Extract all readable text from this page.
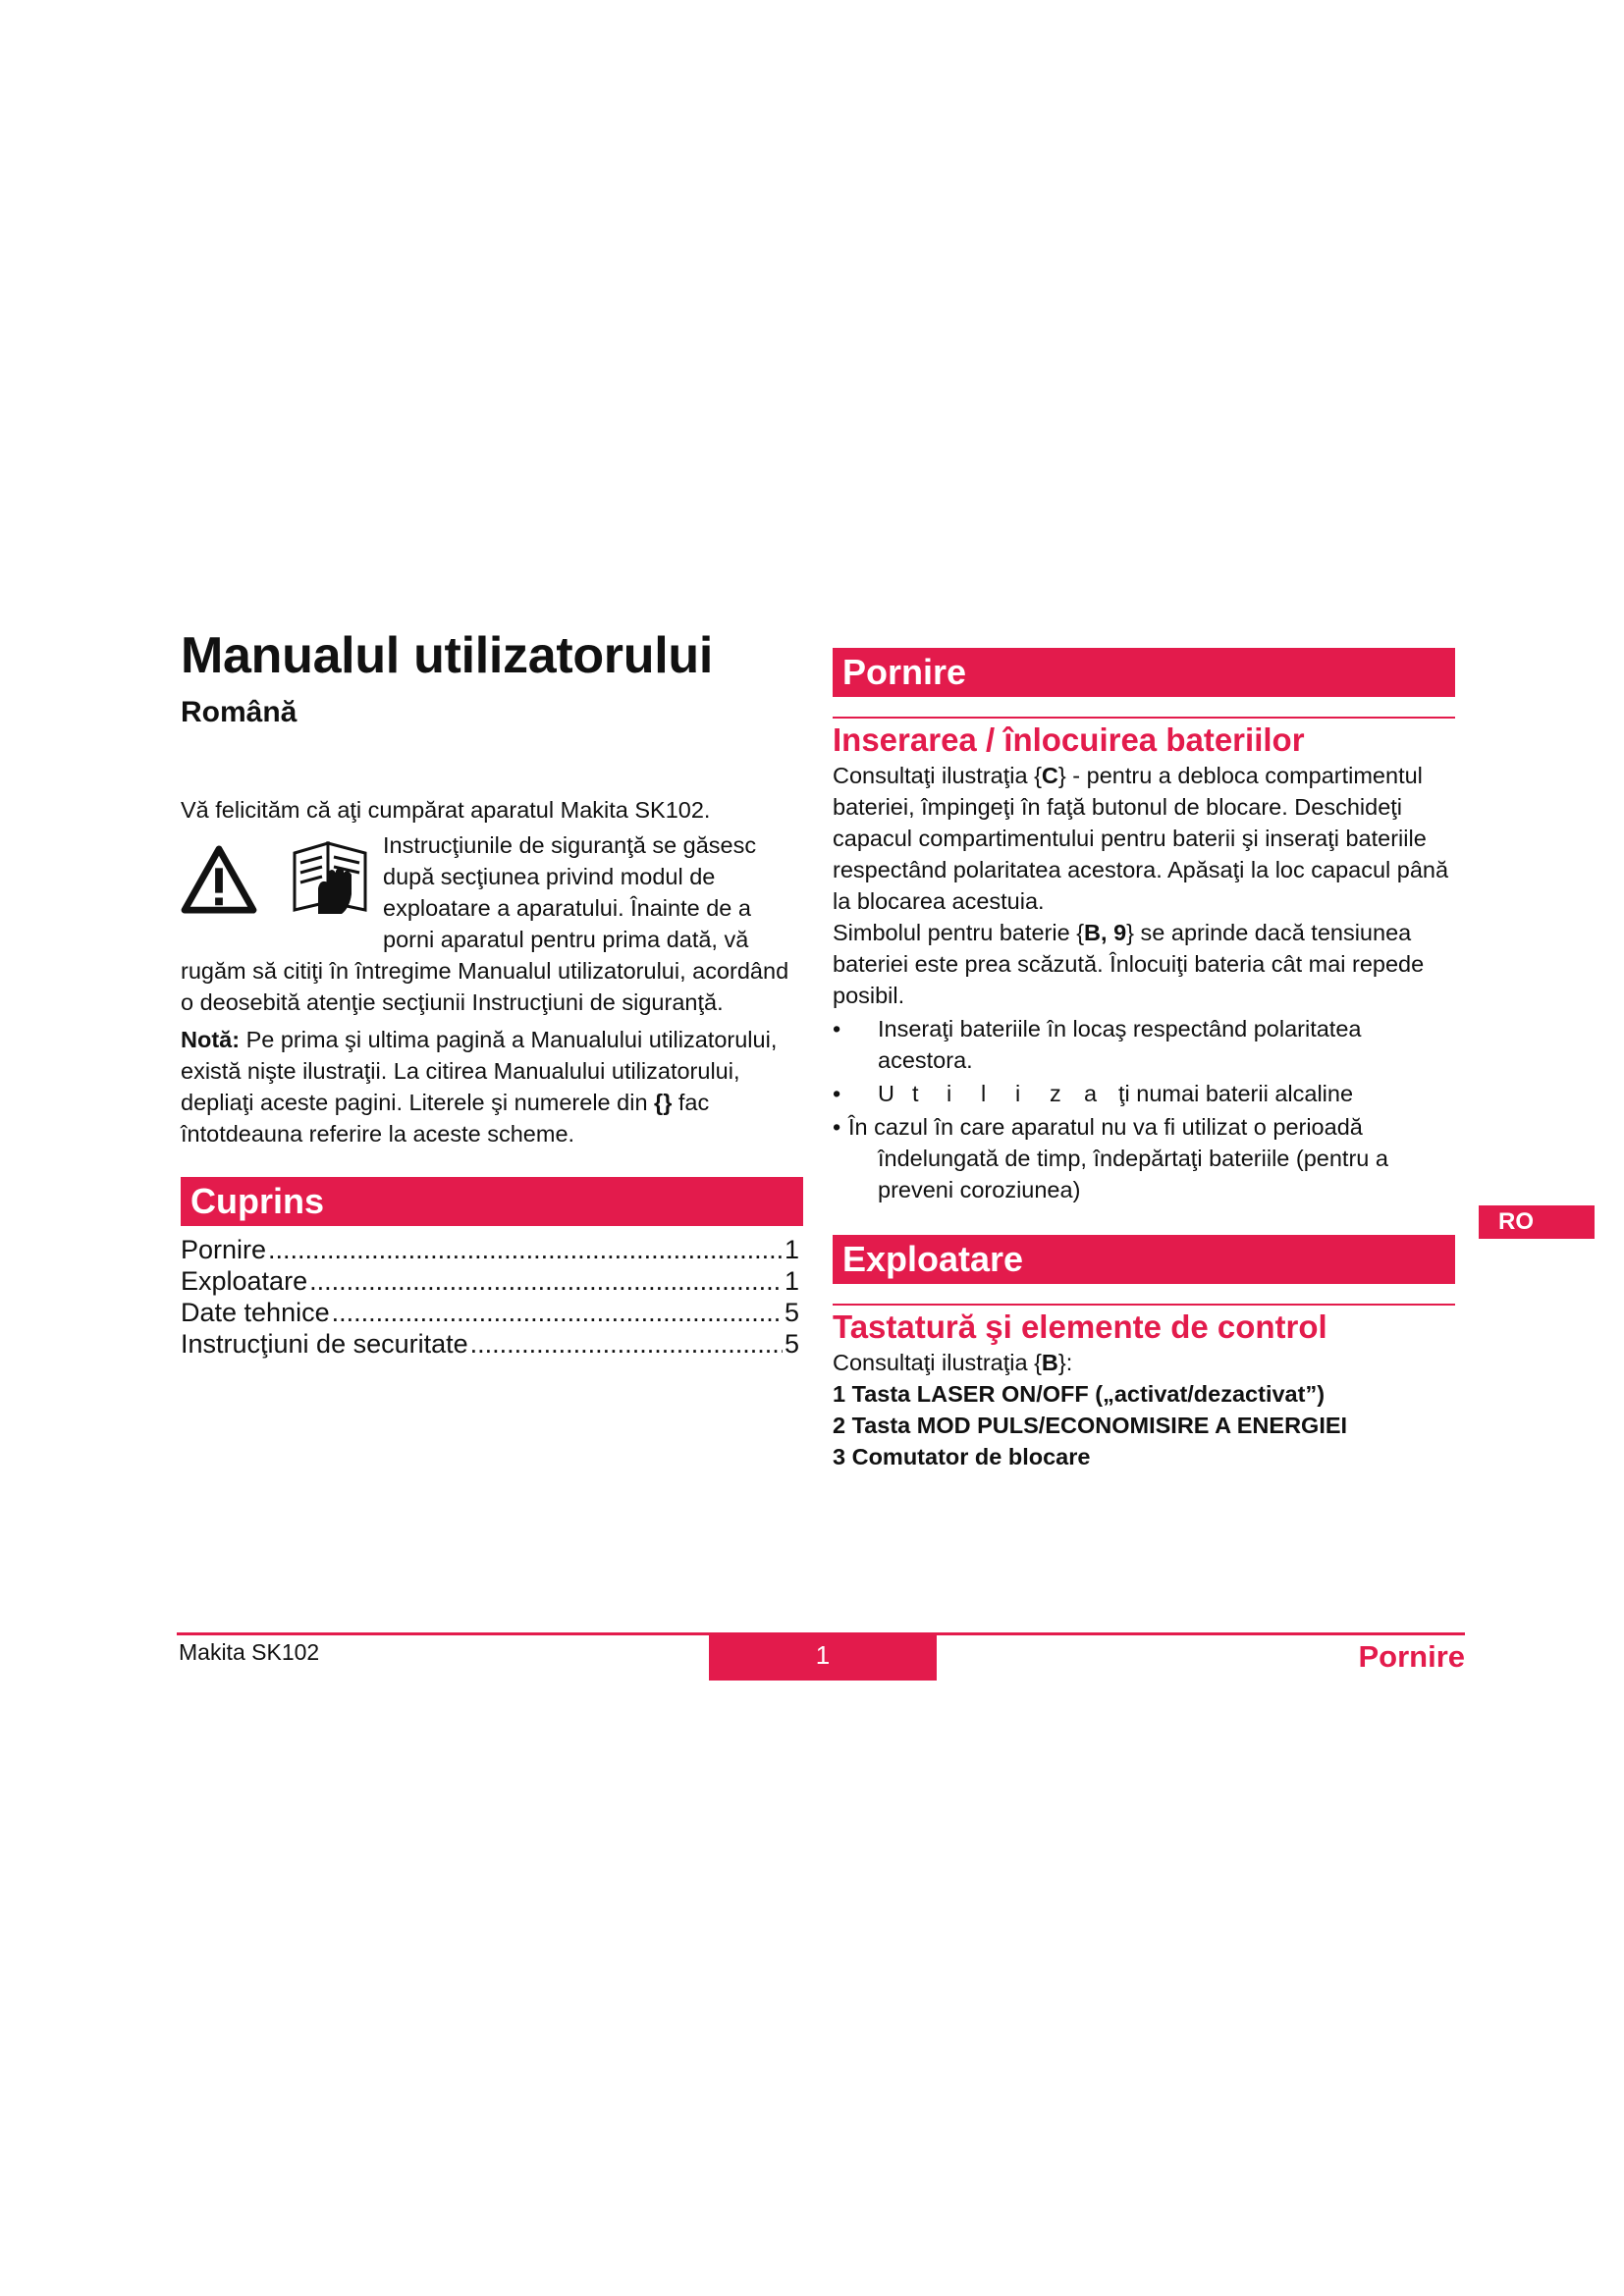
Manualul utilizatorului
Română
Vă felicităm că aţi cumpărat aparatul Makita SK102.
Instrucţiunile de siguranţă se găsesc
după secţiunea privind modul de
exploatare a aparatului. Înainte de a
porni aparatul pentru prima dată, vă
rugăm să citiţi în întregime Manualul utilizatorului, acordând o deosebită atenţie secţiunii Instrucţiuni de siguranţă.
Notă: Pe prima şi ultima pagină a Manualului utilizatorului, există nişte ilustraţii. La citirea Manualului utilizatorului, depliaţi aceste pagini. Literele şi numerele din {} fac întotdeauna referire la aceste scheme.
Cuprins
Pornire .....	1
Exploatare .....	1
Date tehnice .....	5
Instrucţiuni de securitate .....	5
Pornire
Inserarea / înlocuirea bateriilor
Consultaţi ilustraţia {C} - pentru a debloca compartimentul bateriei, împingeţi în faţă butonul de blocare. Deschideţi capacul compartimentului pentru baterii şi inseraţi bateriile respectând polaritatea acestora. Apăsaţi la loc capacul până la blocarea acestuia.
Simbolul pentru baterie {B, 9} se aprinde dacă tensiunea bateriei este prea scăzută. Înlocuiţi bateria cât mai repede posibil.
• Inseraţi bateriile în locaş respectând polaritatea acestora.
• U t i l i z a ţi numai baterii alcaline
• În cazul în care aparatul nu va fi utilizat o perioadă
îndelungată de timp, îndepărtaţi bateriile (pentru a preveni coroziunea)
Exploatare
Tastatură şi elemente de control
Consultaţi ilustraţia {B}:
1 Tasta LASER ON/OFF („activat/dezactivat”)
2 Tasta MOD PULS/ECONOMISIRE A ENERGIEI
3 Comutator de blocare
RO
Makita SK102	1	Pornire
